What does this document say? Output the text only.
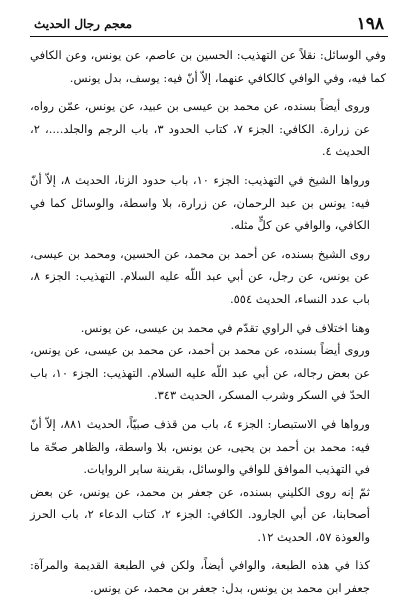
١٩٨
معجم رجال الحديث

وفي الوسائل: نقلاً عن التهذيب: الحسين بن عاصم، عن يونس، وعن الكافي كما فيه، وفي الوافي كالكافي عنهما، إلاّ أنّ فيه: يوسف، بدل يونس.

وروى أيضاً بسنده، عن محمد بن عيسى بن عبيد، عن يونس، عمّن رواه، عن زرارة. الكافي: الجزء ٧، كتاب الحدود ٣، باب الرجم والجلد....، ٢، الحديث ٤.

ورواها الشيخ في التهذيب: الجزء ١٠، باب حدود الزنا، الحديث ٨، إلاّ أنّ فيه: يونس بن عبد الرحمان، عن زرارة، بلا واسطة، والوسائل كما في الكافي، والوافي عن كلٍّ مثله.

روى الشيخ بسنده، عن أحمد بن محمد، عن الحسين، ومحمد بن عيسى، عن يونس، عن رجل، عن أبي عبد اللّه عليه السلام. التهذيب: الجزء ٨، باب عدد النساء، الحديث ٥٥٤.

وهنا اختلاف في الراوي تقدّم في محمد بن عيسى، عن يونس.

وروى أيضاً بسنده، عن محمد بن أحمد، عن محمد بن عيسى، عن يونس، عن بعض رجاله، عن أبي عبد اللّه عليه السلام. التهذيب: الجزء ١٠، باب الحدّ في السكر وشرب المسكر، الحديث ٣٤٣.

ورواها في الاستبصار: الجزء ٤، باب من قذف صبيّاً، الحديث ٨٨١، إلاّ أنّ فيه: محمد بن أحمد بن يحيى، عن يونس، بلا واسطة، والظاهر صحّة ما في التهذيب الموافق للوافي والوسائل، بقرينة ساير الروايات.

ثمّ إنه روى الكليني بسنده، عن جعفر بن محمد، عن يونس، عن بعض أصحابنا، عن أبي الجارود. الكافي: الجزء ٢، كتاب الدعاء ٢، باب الحرز والعوذة ٥٧، الحديث ١٢.

كذا في هذه الطبعة، والوافي أيضاً، ولكن في الطبعة القديمة والمرآة: جعفر ابن محمد بن يونس، بدل: جعفر بن محمد، عن يونس.
